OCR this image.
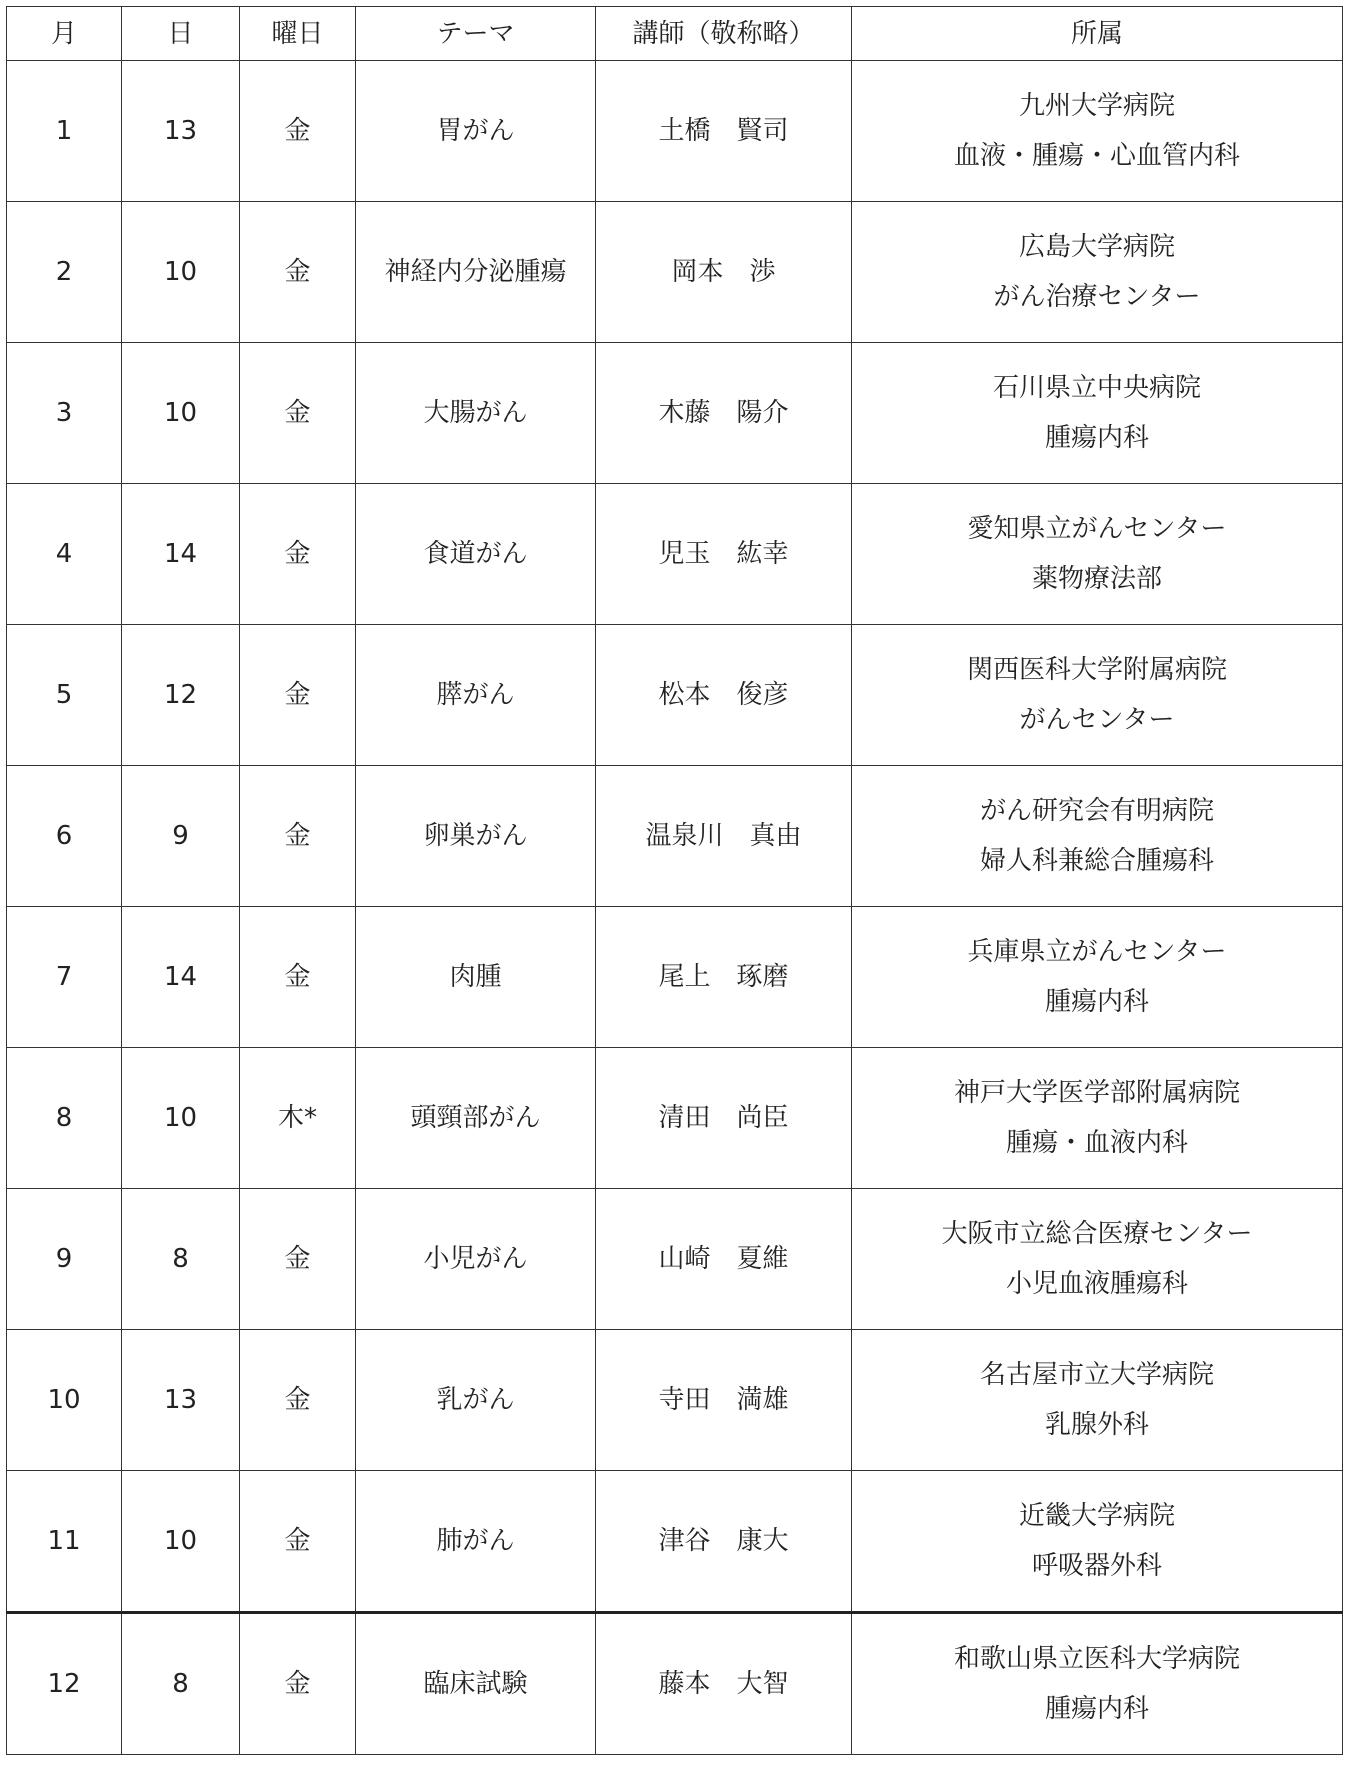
月	日	曜日	テーマ	講師（敬称略）	所属
1	13	金	胃がん	土橋　賢司	九州大学病院
血液・腫瘍・心血管内科

2	10	金	神経内分泌腫瘍	岡本　渉	広島大学病院
がん治療センター

3	10	金	大腸がん	木藤　陽介	石川県立中央病院
腫瘍内科

4	14	金	食道がん	児玉　紘幸	愛知県立がんセンター
薬物療法部

5	12	金	膵がん	松本　俊彦	関西医科大学附属病院
がんセンター

6	9	金	卵巣がん	温泉川　真由	がん研究会有明病院
婦人科兼総合腫瘍科

7	14	金	肉腫	尾上　琢磨	兵庫県立がんセンター
腫瘍内科

8	10	木*	頭頸部がん	清田　尚臣	神戸大学医学部附属病院
腫瘍・血液内科

9	8	金	小児がん	山崎　夏維	大阪市立総合医療センター
小児血液腫瘍科

10	13	金	乳がん	寺田　満雄	名古屋市立大学病院
乳腺外科

11	10	金	肺がん	津谷　康大	近畿大学病院
呼吸器外科

12	8	金	臨床試験	藤本　大智	和歌山県立医科大学病院
腫瘍内科
